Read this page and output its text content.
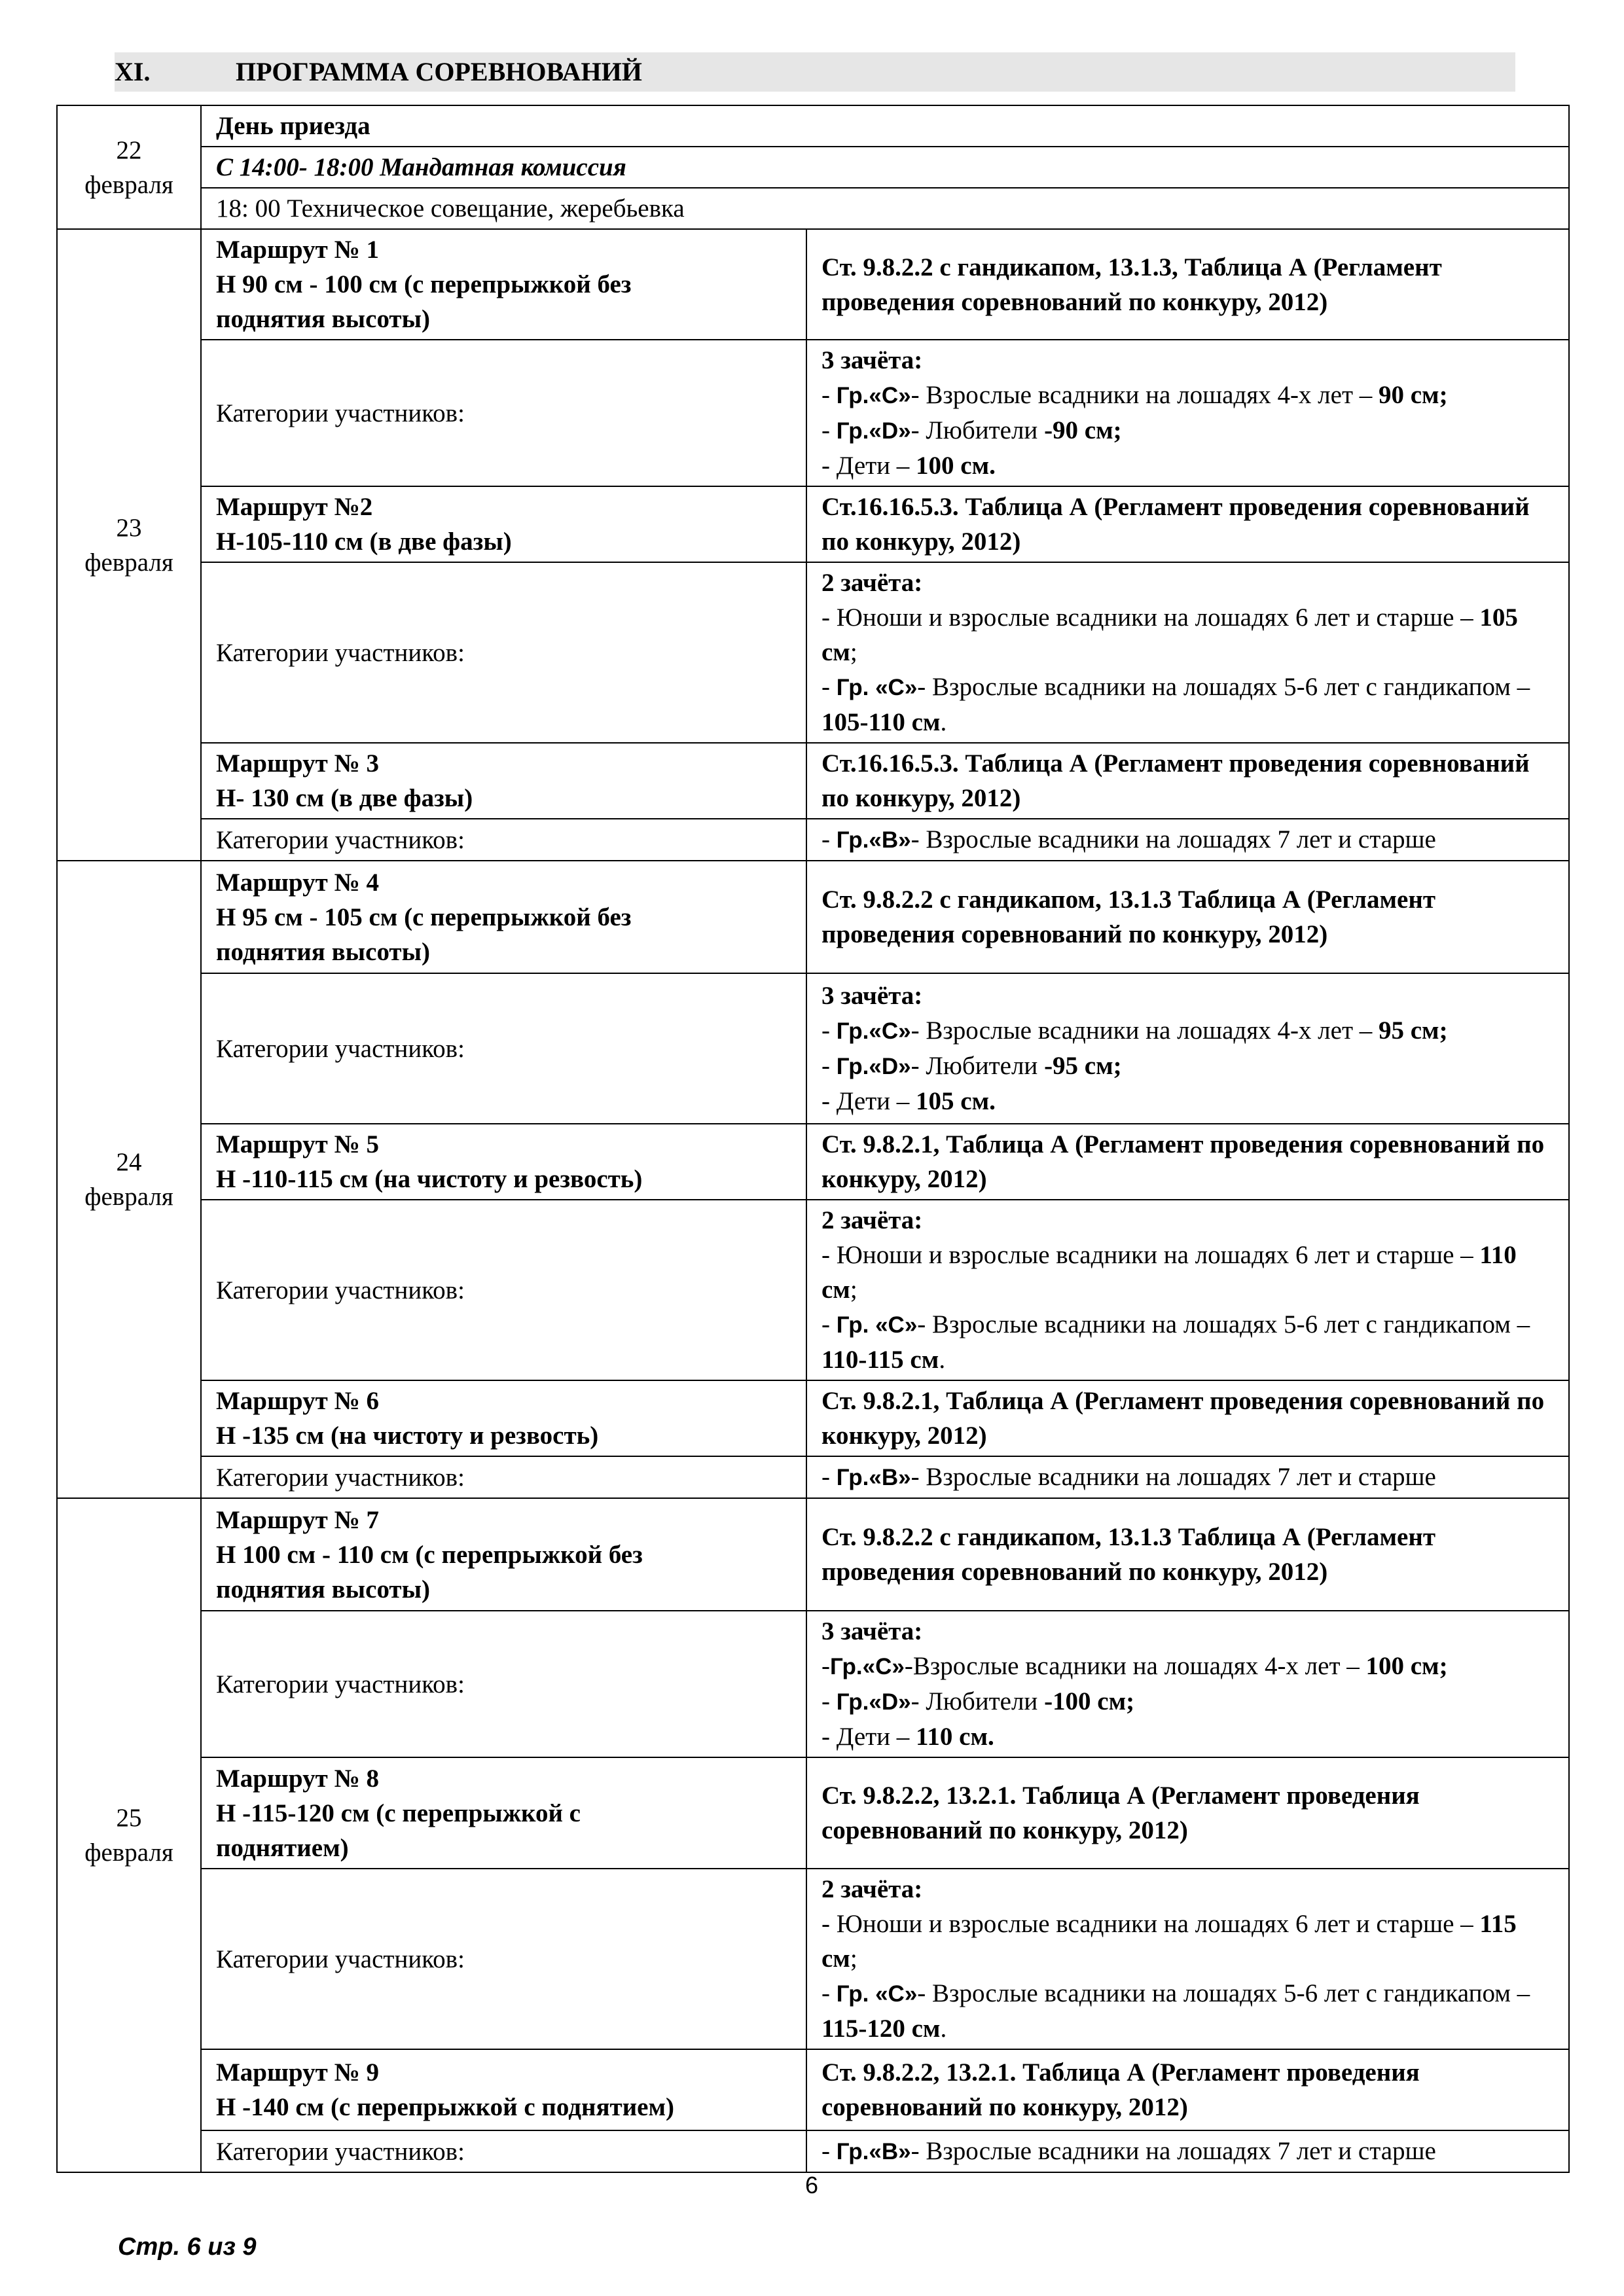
XI.	ПРОГРАММА СОРЕВНОВАНИЙ
22
февраля	День приезда	
	С 14:00- 18:00 Мандатная комиссия	
	18: 00 Техническое совещание, жеребьевка	

23
февраля	Маршрут № 1
Н 90 см - 100 см (с перепрыжкой без
поднятия высоты)	Ст. 9.8.2.2 с гандикапом, 13.1.3, Таблица А (Регламент проведения соревнований по конкуру, 2012)
	Категории участников:	3 зачёта:
- Гр.«С»- Взрослые всадники на лошадях 4-х лет – 90 см;
- Гр.«D»- Любители -90 см;
- Дети – 100 см.

	Маршрут №2
Н-105-110 см (в две фазы)	Ст.16.16.5.3. Таблица А (Регламент проведения соревнований по конкуру, 2012)
	Категории участников:	2 зачёта:
- Юноши и взрослые всадники на лошадях 6 лет и старше – 105 см;
- Гр. «С»- Взрослые всадники на лошадях 5-6 лет с гандикапом – 105-110 см.

	Маршрут № 3
Н- 130 см (в две фазы)	Ст.16.16.5.3. Таблица А (Регламент проведения соревнований по конкуру, 2012)
	Категории участников:	- Гр.«В»- Взрослые всадники на лошадях 7 лет и старше

24
февраля	Маршрут № 4
Н 95 см - 105 см (с перепрыжкой без
поднятия высоты)	Ст. 9.8.2.2 с гандикапом, 13.1.3 Таблица А (Регламент проведения соревнований по конкуру, 2012)
	Категории участников:	3 зачёта:
- Гр.«С»- Взрослые всадники на лошадях 4-х лет – 95 см;
- Гр.«D»- Любители -95 см;
- Дети – 105 см.

	Маршрут № 5
Н -110-115 см (на чистоту и резвость)	Ст. 9.8.2.1, Таблица А (Регламент проведения соревнований по конкуру, 2012)
	Категории участников:	2 зачёта:
- Юноши и взрослые всадники на лошадях 6 лет и старше – 110 см;
- Гр. «С»- Взрослые всадники на лошадях 5-6 лет с гандикапом – 110-115 см.

	Маршрут № 6
Н -135 см (на чистоту и резвость)	Ст. 9.8.2.1, Таблица А (Регламент проведения соревнований по конкуру, 2012)
	Категории участников:	- Гр.«В»- Взрослые всадники на лошадях 7 лет и старше

25
февраля	Маршрут № 7
Н 100 см - 110 см (с перепрыжкой без
поднятия высоты)	Ст. 9.8.2.2 с гандикапом, 13.1.3 Таблица А (Регламент проведения соревнований по конкуру, 2012)
	Категории участников:	3 зачёта:
-Гр.«С»-Взрослые всадники на лошадях 4-х лет – 100 см;
- Гр.«D»- Любители -100 см;
- Дети – 110 см.

	Маршрут № 8
Н -115-120 см (с перепрыжкой с
поднятием)	Ст. 9.8.2.2, 13.2.1. Таблица А (Регламент проведения соревнований по конкуру, 2012)
	Категории участников:	2 зачёта:
- Юноши и взрослые всадники на лошадях 6 лет и старше – 115 см;
- Гр. «С»- Взрослые всадники на лошадях 5-6 лет с гандикапом – 115-120 см.

	Маршрут № 9
Н -140 см (с перепрыжкой с поднятием)	Ст. 9.8.2.2, 13.2.1. Таблица А (Регламент проведения соревнований по конкуру, 2012)
	Категории участников:	- Гр.«В»- Взрослые всадники на лошадях 7 лет и старше
6
Стр. 6 из 9
